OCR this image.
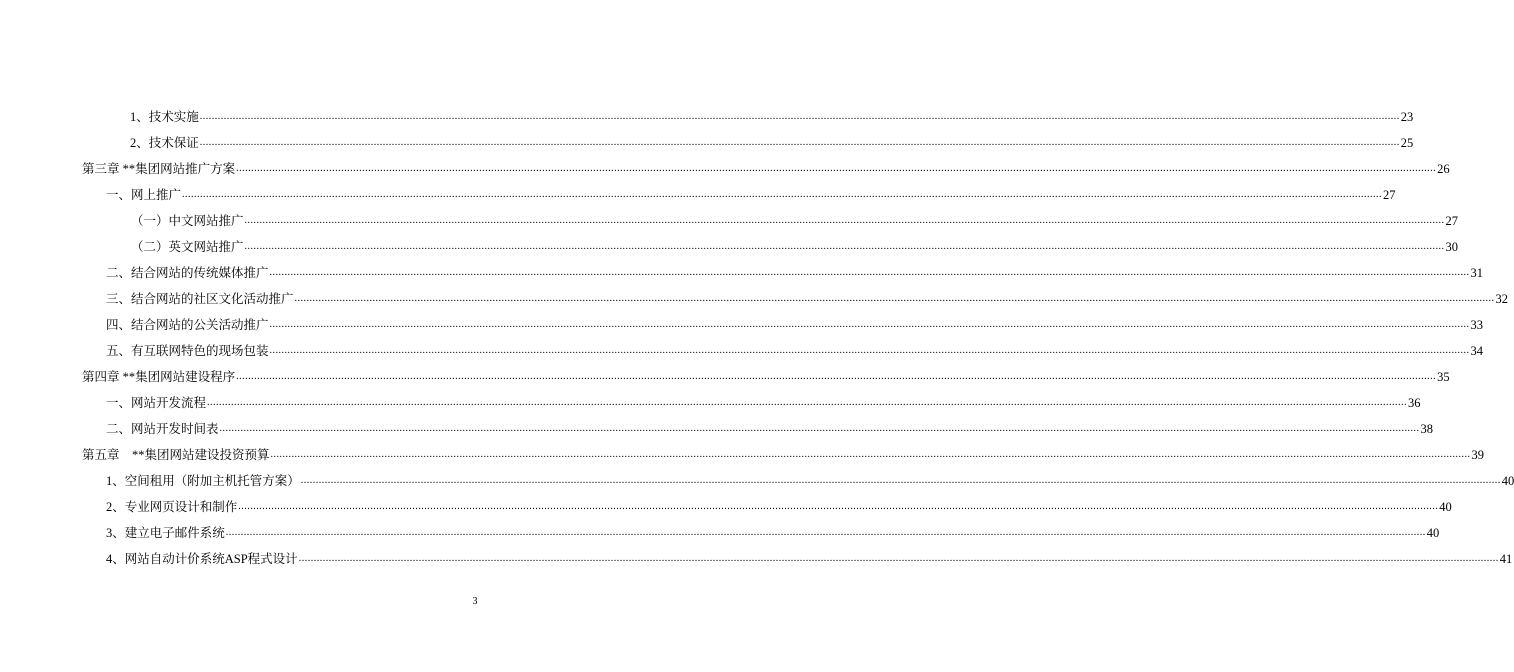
1、技术实施 ................................................................................................................................................................................................................................................................................................................................................................................................................ 23
2、技术保证 ................................................................................................................................................................................................................................................................................................................................................................................................................ 25
第三章 **集团网站推广方案 ................................................................................................................................................................................................................................................................................................................................................................................................................ 26
一、网上推广 ................................................................................................................................................................................................................................................................................................................................................................................................................ 27
（一）中文网站推广 ................................................................................................................................................................................................................................................................................................................................................................................................................ 27
（二）英文网站推广 ................................................................................................................................................................................................................................................................................................................................................................................................................ 30
二、结合网站的传统媒体推广 ................................................................................................................................................................................................................................................................................................................................................................................................................ 31
三、结合网站的社区文化活动推广 ................................................................................................................................................................................................................................................................................................................................................................................................................ 32
四、结合网站的公关活动推广 ................................................................................................................................................................................................................................................................................................................................................................................................................ 33
五、有互联网特色的现场包装 ................................................................................................................................................................................................................................................................................................................................................................................................................ 34
第四章 **集团网站建设程序 ................................................................................................................................................................................................................................................................................................................................................................................................................ 35
一、网站开发流程 ................................................................................................................................................................................................................................................................................................................................................................................................................ 36
二、网站开发时间表 ................................................................................................................................................................................................................................................................................................................................................................................................................ 38
第五章    **集团网站建设投资预算 ................................................................................................................................................................................................................................................................................................................................................................................................................ 39
1、空间租用（附加主机托管方案） ................................................................................................................................................................................................................................................................................................................................................................................................................ 40
2、专业网页设计和制作 ................................................................................................................................................................................................................................................................................................................................................................................................................ 40
3、建立电子邮件系统 ................................................................................................................................................................................................................................................................................................................................................................................................................ 40
4、网站自动计价系统ASP程式设计 ................................................................................................................................................................................................................................................................................................................................................................................................................ 41
3
